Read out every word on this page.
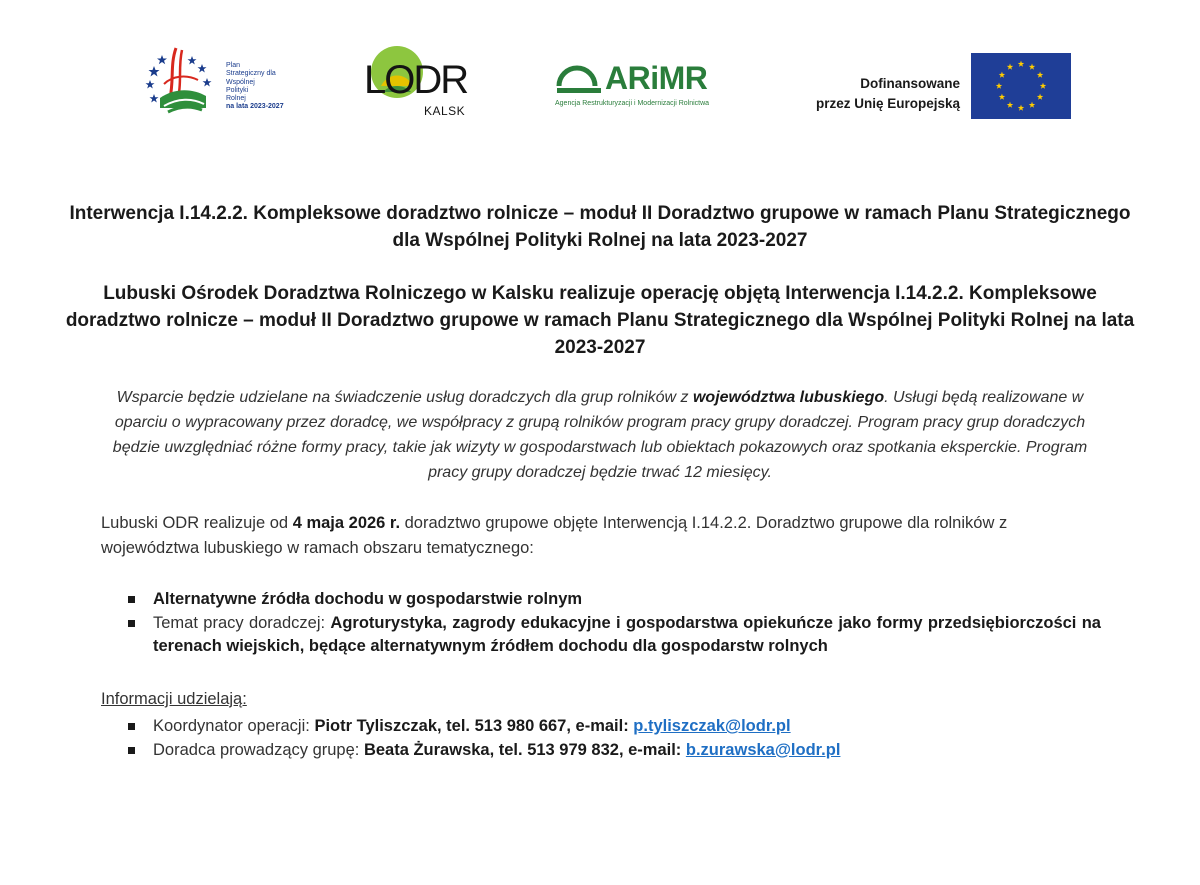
Plan
Strategiczny dla
Wspólnej
Polityki
Rolnej
na lata 2023-2027
LODR
KALSK
ARiMR
Agencja Restrukturyzacji i Modernizacji Rolnictwa
Dofinansowane
przez Unię Europejską
Interwencja I.14.2.2. Kompleksowe doradztwo rolnicze – moduł II Doradztwo grupowe w ramach Planu Strategicznego dla Wspólnej Polityki Rolnej na lata 2023-2027
Lubuski Ośrodek Doradztwa Rolniczego w Kalsku realizuje operację objętą Interwencja I.14.2.2. Kompleksowe doradztwo rolnicze – moduł II Doradztwo grupowe w ramach Planu Strategicznego dla Wspólnej Polityki Rolnej na lata 2023-2027
Wsparcie będzie udzielane na świadczenie usług doradczych dla grup rolników z województwa lubuskiego. Usługi będą realizowane w oparciu o wypracowany przez doradcę, we współpracy z grupą rolników program pracy grupy doradczej. Program pracy grup doradczych będzie uwzględniać różne formy pracy, takie jak wizyty w gospodarstwach lub obiektach pokazowych oraz spotkania eksperckie. Program pracy grupy doradczej będzie trwać 12 miesięcy.
Lubuski ODR realizuje od 4 maja 2026 r. doradztwo grupowe objęte Interwencją I.14.2.2. Doradztwo grupowe dla rolników z województwa lubuskiego w ramach obszaru tematycznego:
Alternatywne źródła dochodu w gospodarstwie rolnym
Temat pracy doradczej: Agroturystyka, zagrody edukacyjne i gospodarstwa opiekuńcze jako formy przedsiębiorczości na terenach wiejskich, będące alternatywnym źródłem dochodu dla gospodarstw rolnych
Informacji udzielają:
Koordynator operacji: Piotr Tyliszczak, tel. 513 980 667, e-mail: p.tyliszczak@lodr.pl
Doradca prowadzący grupę: Beata Żurawska, tel. 513 979 832, e-mail: b.zurawska@lodr.pl
